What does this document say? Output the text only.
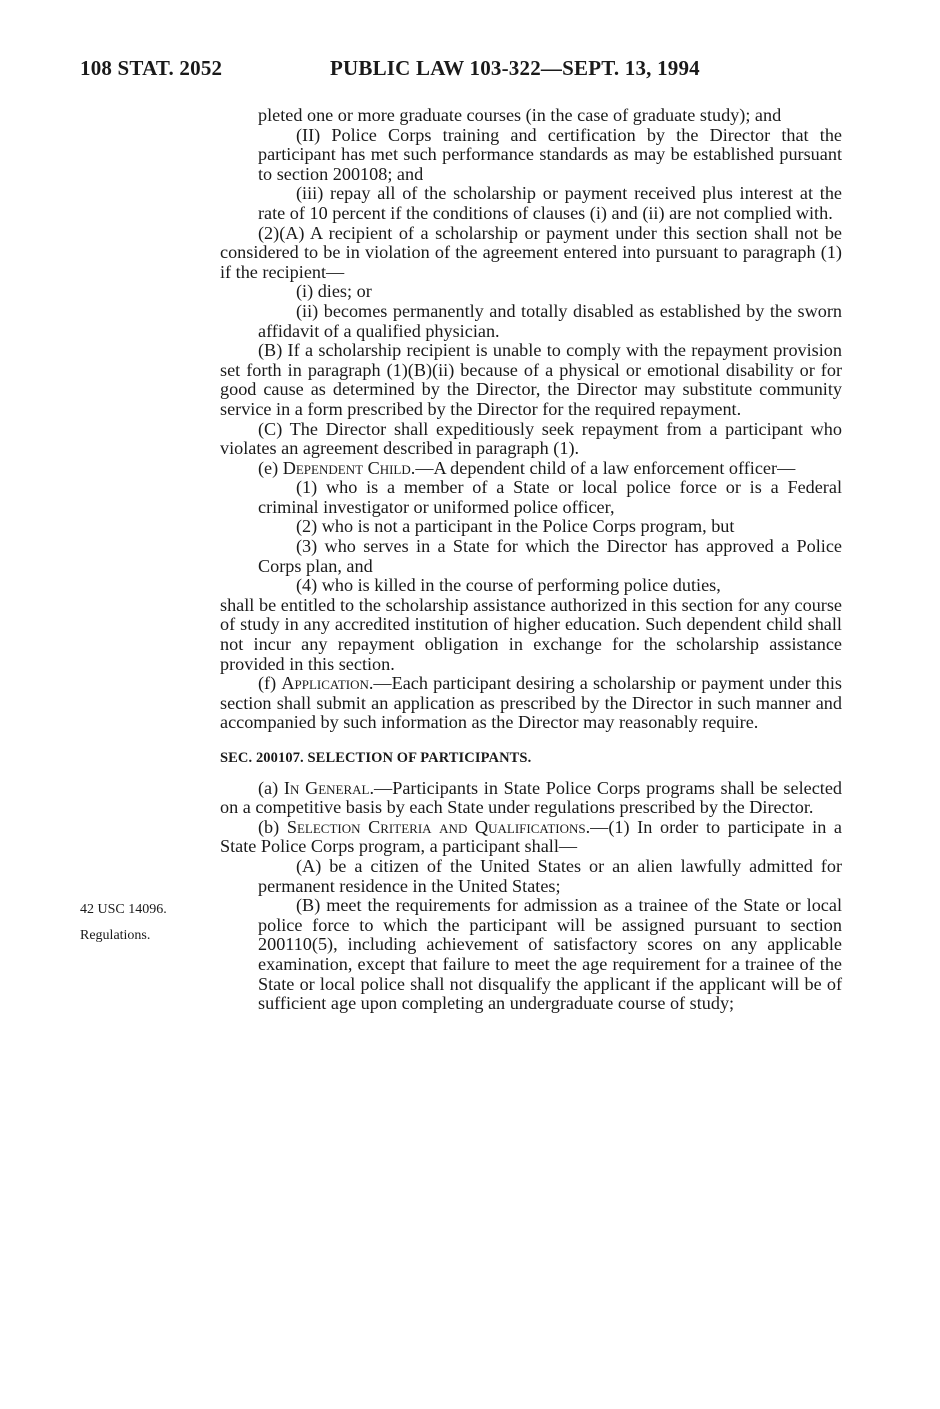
108 STAT. 2052	PUBLIC LAW 103-322—SEPT. 13, 1994
42 USC 14096.
Regulations.

pleted one or more graduate courses (in the case of graduate study); and

(II) Police Corps training and certification by the Director that the participant has met such performance standards as may be established pursuant to section 200108; and

(iii) repay all of the scholarship or payment received plus interest at the rate of 10 percent if the conditions of clauses (i) and (ii) are not complied with.

(2)(A) A recipient of a scholarship or payment under this section shall not be considered to be in violation of the agreement entered into pursuant to paragraph (1) if the recipient—

(i) dies; or

(ii) becomes permanently and totally disabled as established by the sworn affidavit of a qualified physician.

(B) If a scholarship recipient is unable to comply with the repayment provision set forth in paragraph (1)(B)(ii) because of a physical or emotional disability or for good cause as determined by the Director, the Director may substitute community service in a form prescribed by the Director for the required repayment.

(C) The Director shall expeditiously seek repayment from a participant who violates an agreement described in paragraph (1).

(e) Dependent Child.—A dependent child of a law enforcement officer—

(1) who is a member of a State or local police force or is a Federal criminal investigator or uniformed police officer,

(2) who is not a participant in the Police Corps program, but

(3) who serves in a State for which the Director has approved a Police Corps plan, and

(4) who is killed in the course of performing police duties,

shall be entitled to the scholarship assistance authorized in this section for any course of study in any accredited institution of higher education. Such dependent child shall not incur any repayment obligation in exchange for the scholarship assistance provided in this section.

(f) Application.—Each participant desiring a scholarship or payment under this section shall submit an application as prescribed by the Director in such manner and accompanied by such information as the Director may reasonably require.

SEC. 200107. SELECTION OF PARTICIPANTS.

(a) In General.—Participants in State Police Corps programs shall be selected on a competitive basis by each State under regulations prescribed by the Director.

(b) Selection Criteria and Qualifications.—(1) In order to participate in a State Police Corps program, a participant shall—

(A) be a citizen of the United States or an alien lawfully admitted for permanent residence in the United States;

(B) meet the requirements for admission as a trainee of the State or local police force to which the participant will be assigned pursuant to section 200110(5), including achievement of satisfactory scores on any applicable examination, except that failure to meet the age requirement for a trainee of the State or local police shall not disqualify the applicant if the applicant will be of sufficient age upon completing an undergraduate course of study;
